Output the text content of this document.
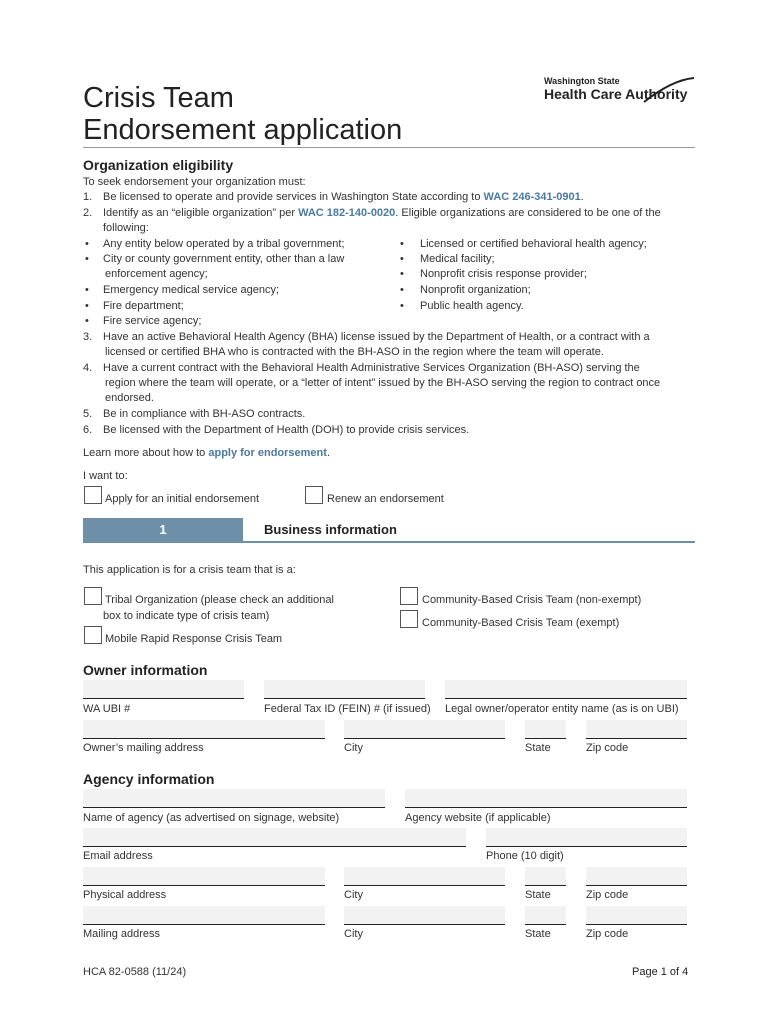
Crisis Team
Endorsement application
Washington State
Health Care Authority
Organization eligibility
To seek endorsement your organization must:
1. Be licensed to operate and provide services in Washington State according to WAC 246-341-0901.
2. Identify as an “eligible organization” per WAC 182-140-0020. Eligible organizations are considered to be one of the
following:
• Any entity below operated by a tribal government;
• City or county government entity, other than a law
enforcement agency;
• Emergency medical service agency;
• Fire department;
• Fire service agency;
• Licensed or certified behavioral health agency;
• Medical facility;
• Nonprofit crisis response provider;
• Nonprofit organization;
• Public health agency.
3. Have an active Behavioral Health Agency (BHA) license issued by the Department of Health, or a contract with a
licensed or certified BHA who is contracted with the BH-ASO in the region where the team will operate.
4. Have a current contract with the Behavioral Health Administrative Services Organization (BH-ASO) serving the
region where the team will operate, or a “letter of intent” issued by the BH-ASO serving the region to contract once
endorsed.
5. Be in compliance with BH-ASO contracts.
6. Be licensed with the Department of Health (DOH) to provide crisis services.
Learn more about how to apply for endorsement.
I want to:
Apply for an initial endorsement	Renew an endorsement
1	Business information
This application is for a crisis team that is a:
Tribal Organization (please check an additional
box to indicate type of crisis team)
Mobile Rapid Response Crisis Team
Community-Based Crisis Team (non-exempt)
Community-Based Crisis Team (exempt)
Owner information
WA UBI #	Federal Tax ID (FEIN) # (if issued) Legal owner/operator entity name (as is on UBI)
Owner’s mailing address	City	State	Zip code
Agency information
Name of agency (as advertised on signage, website)	Agency website (if applicable)
Email address	Phone (10 digit)
Physical address	City	State	Zip code
Mailing address	City	State	Zip code
HCA 82-0588 (11/24)	Page 1 of 4
